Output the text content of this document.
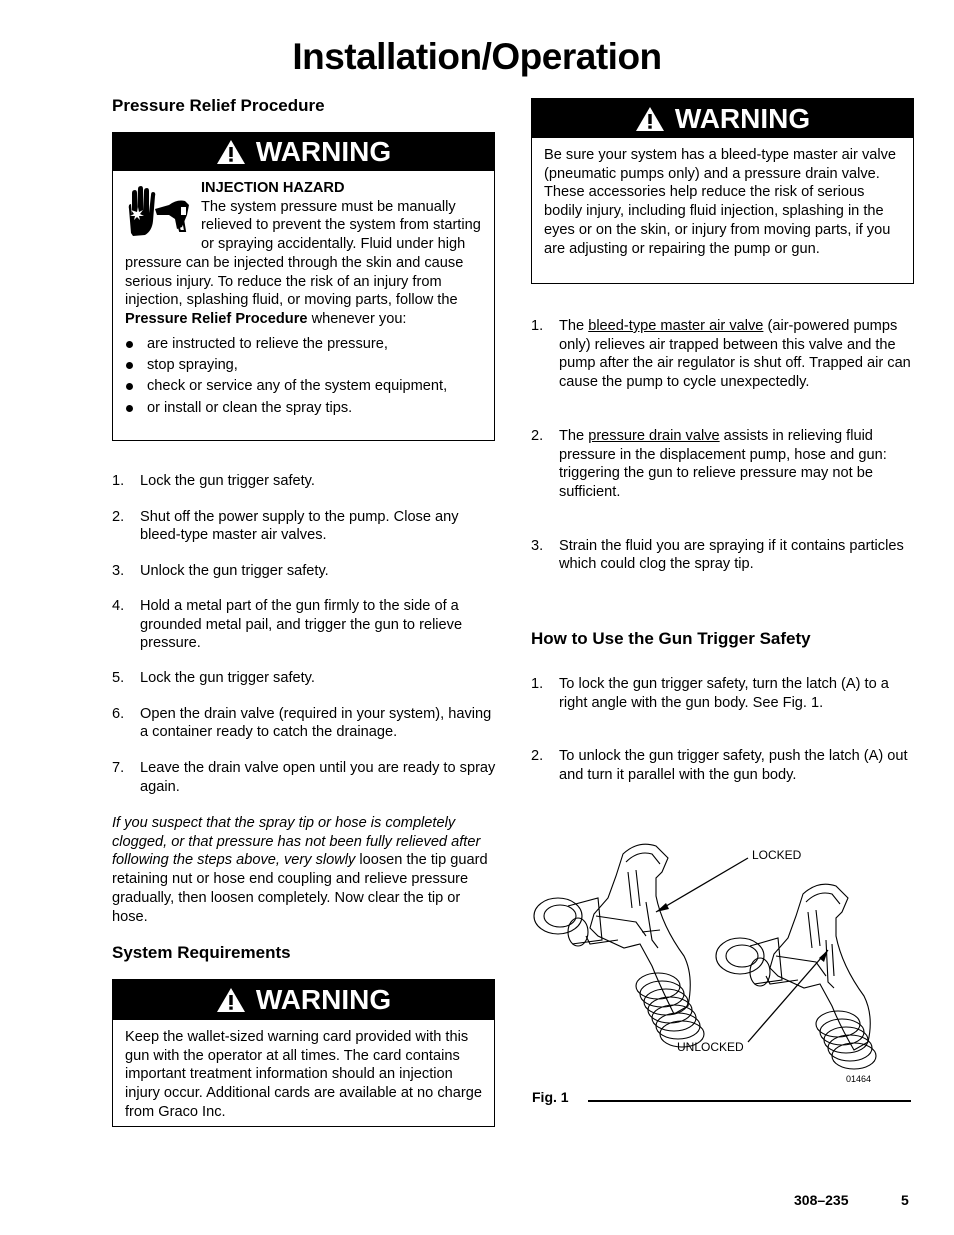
Installation/Operation
Pressure Relief Procedure
WARNING
INJECTION HAZARD
The system pressure must be manually relieved to prevent the system from starting or spraying accidentally. Fluid under high pressure can be injected through the skin and cause serious injury. To reduce the risk of an injury from injection, splashing fluid, or moving parts, follow the Pressure Relief Procedure whenever you:
are instructed to relieve the pressure,
stop spraying,
check or service any of the system equipment,
or install or clean the spray tips.
1. Lock the gun trigger safety.
2. Shut off the power supply to the pump. Close any bleed-type master air valves.
3. Unlock the gun trigger safety.
4. Hold a metal part of the gun firmly to the side of a grounded metal pail, and trigger the gun to relieve pressure.
5. Lock the gun trigger safety.
6. Open the drain valve (required in your system), having a container ready to catch the drainage.
7. Leave the drain valve open until you are ready to spray again.
If you suspect that the spray tip or hose is completely clogged, or that pressure has not been fully relieved after following the steps above, very slowly loosen the tip guard retaining nut or hose end coupling and relieve pressure gradually, then loosen completely. Now clear the tip or hose.
System Requirements
WARNING
Keep the wallet-sized warning card provided with this gun with the operator at all times. The card contains important treatment information should an injection injury occur. Additional cards are available at no charge from Graco Inc.
WARNING
Be sure your system has a bleed-type master air valve (pneumatic pumps only) and a pressure drain valve. These accessories help reduce the risk of serious bodily injury, including fluid injection, splashing in the eyes or on the skin, or injury from moving parts, if you are adjusting or repairing the pump or gun.
1. The bleed-type master air valve (air-powered pumps only) relieves air trapped between this valve and the pump after the air regulator is shut off. Trapped air can cause the pump to cycle unexpectedly.
2. The pressure drain valve assists in relieving fluid pressure in the displacement pump, hose and gun: triggering the gun to relieve pressure may not be sufficient.
3. Strain the fluid you are spraying if it contains particles which could clog the spray tip.
How to Use the Gun Trigger Safety
1. To lock the gun trigger safety, turn the latch (A) to a right angle with the gun body. See Fig. 1.
2. To unlock the gun trigger safety, push the latch (A) out and turn it parallel with the gun body.
LOCKED
UNLOCKED
01464
Fig. 1
308–235	5
